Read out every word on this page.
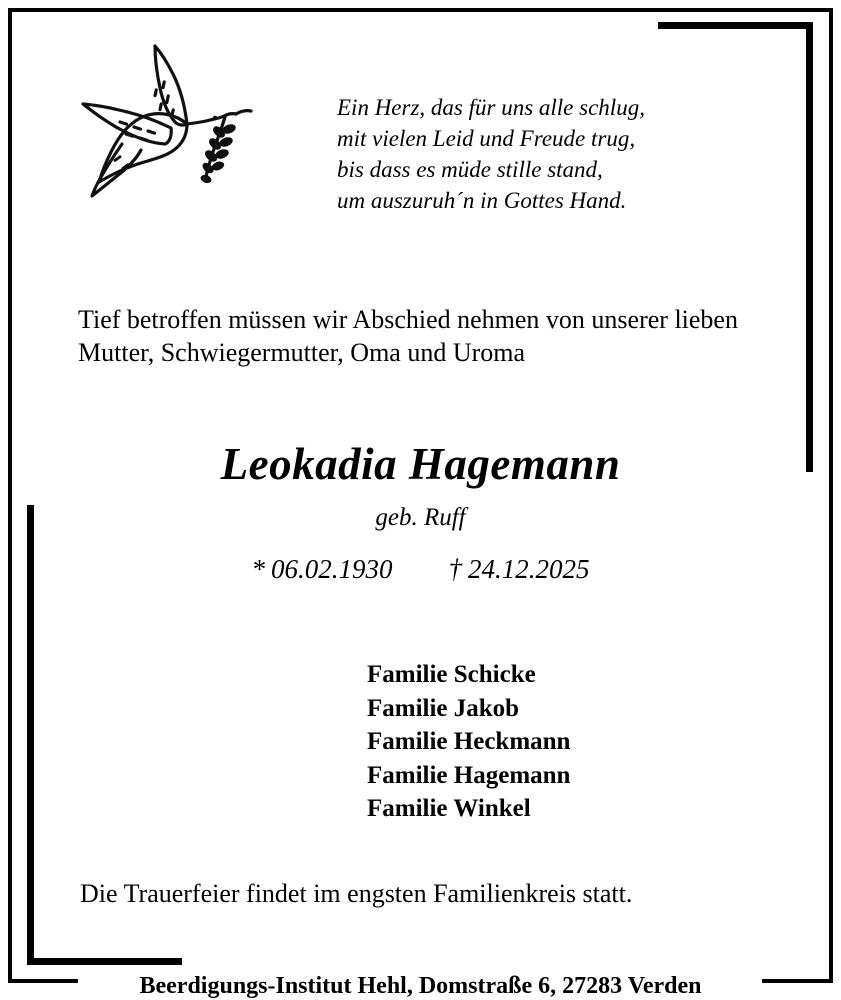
Ein Herz, das für uns alle schlug,
mit vielen Leid und Freude trug,
bis dass es müde stille stand,
um auszuruh´n in Gottes Hand.
Tief betroffen müssen wir Abschied nehmen von unserer lieben Mutter, Schwiegermutter, Oma und Uroma
Leokadia Hagemann
geb. Ruff
* 06.02.1930 † 24.12.2025
Familie Schicke
Familie Jakob
Familie Heckmann
Familie Hagemann
Familie Winkel
Die Trauerfeier findet im engsten Familienkreis statt.
Beerdigungs-Institut Hehl, Domstraße 6, 27283 Verden
